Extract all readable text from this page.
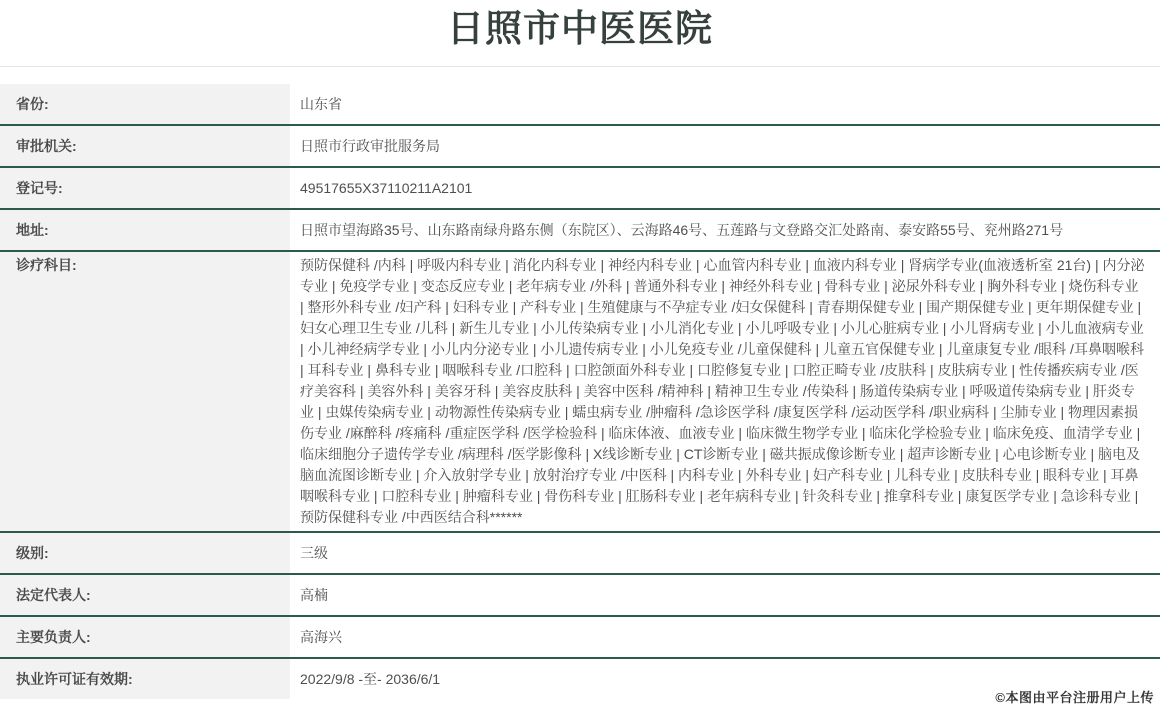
日照市中医医院
省份:	山东省
审批机关:	日照市行政审批服务局
登记号:	49517655X37110211A2101
地址:	日照市望海路35号、山东路南绿舟路东侧（东院区）、云海路46号、五莲路与文登路交汇处路南、泰安路55号、兖州路271号
诊疗科目:	预防保健科 /内科 | 呼吸内科专业 | 消化内科专业 | 神经内科专业 | 心血管内科专业 | 血液内科专业 | 肾病学专业(血液透析室 21台) | 内分泌专业 | 免疫学专业 | 变态反应专业 | 老年病专业 /外科 | 普通外科专业 | 神经外科专业 | 骨科专业 | 泌尿外科专业 | 胸外科专业 | 烧伤科专业 | 整形外科专业 /妇产科 | 妇科专业 | 产科专业 | 生殖健康与不孕症专业 /妇女保健科 | 青春期保健专业 | 围产期保健专业 | 更年期保健专业 | 妇女心理卫生专业 /儿科 | 新生儿专业 | 小儿传染病专业 | 小儿消化专业 | 小儿呼吸专业 | 小儿心脏病专业 | 小儿肾病专业 | 小儿血液病专业 | 小儿神经病学专业 | 小儿内分泌专业 | 小儿遗传病专业 | 小儿免疫专业 /儿童保健科 | 儿童五官保健专业 | 儿童康复专业 /眼科 /耳鼻咽喉科 | 耳科专业 | 鼻科专业 | 咽喉科专业 /口腔科 | 口腔颌面外科专业 | 口腔修复专业 | 口腔正畸专业 /皮肤科 | 皮肤病专业 | 性传播疾病专业 /医疗美容科 | 美容外科 | 美容牙科 | 美容皮肤科 | 美容中医科 /精神科 | 精神卫生专业 /传染科 | 肠道传染病专业 | 呼吸道传染病专业 | 肝炎专业 | 虫媒传染病专业 | 动物源性传染病专业 | 蠕虫病专业 /肿瘤科 /急诊医学科 /康复医学科 /运动医学科 /职业病科 | 尘肺专业 | 物理因素损伤专业 /麻醉科 /疼痛科 /重症医学科 /医学检验科 | 临床体液、血液专业 | 临床微生物学专业 | 临床化学检验专业 | 临床免疫、血清学专业 | 临床细胞分子遗传学专业 /病理科 /医学影像科 | X线诊断专业 | CT诊断专业 | 磁共振成像诊断专业 | 超声诊断专业 | 心电诊断专业 | 脑电及脑血流图诊断专业 | 介入放射学专业 | 放射治疗专业 /中医科 | 内科专业 | 外科专业 | 妇产科专业 | 儿科专业 | 皮肤科专业 | 眼科专业 | 耳鼻咽喉科专业 | 口腔科专业 | 肿瘤科专业 | 骨伤科专业 | 肛肠科专业 | 老年病科专业 | 针灸科专业 | 推拿科专业 | 康复医学专业 | 急诊科专业 | 预防保健科专业 /中西医结合科******
级别:	三级
法定代表人:	高楠
主要负责人:	高海兴
执业许可证有效期:	2022/9/8 -至- 2036/6/1
©本图由平台注册用户上传
